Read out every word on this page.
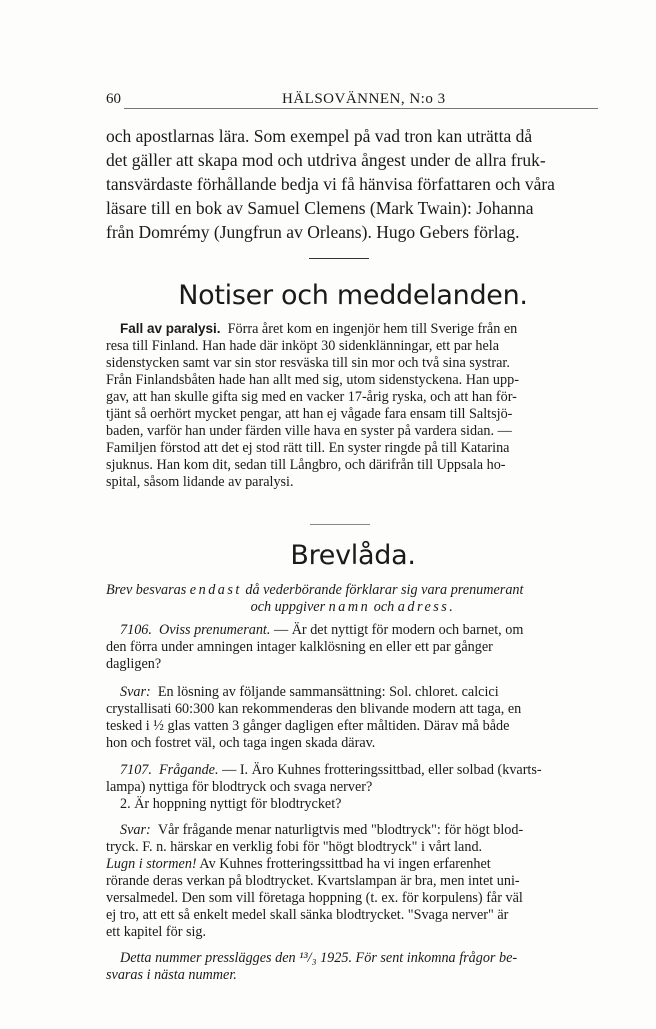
60	HÄLSOVÄNNEN, N:o 3
och apostlarnas lära. Som exempel på vad tron kan uträtta då
det gäller att skapa mod och utdriva ångest under de allra fruk-
tansvärdaste förhållande bedja vi få hänvisa författaren och våra
läsare till en bok av Samuel Clemens (Mark Twain): Johanna
från Domrémy (Jungfrun av Orleans). Hugo Gebers förlag.
Notiser och meddelanden.
Fall av paralysi. Förra året kom en ingenjör hem till Sverige från en
resa till Finland. Han hade där inköpt 30 sidenklänningar, ett par hela
sidenstycken samt var sin stor resväska till sin mor och två sina systrar.
Från Finlandsbåten hade han allt med sig, utom sidenstyckena. Han upp-
gav, att han skulle gifta sig med en vacker 17-årig ryska, och att han för-
tjänt så oerhört mycket pengar, att han ej vågade fara ensam till Saltsjö-
baden, varför han under färden ville hava en syster på vardera sidan. —
Familjen förstod att det ej stod rätt till. En syster ringde på till Katarina
sjuknus. Han kom dit, sedan till Långbro, och därifrån till Uppsala ho-
spital, såsom lidande av paralysi.
Brevlåda.
Brev besvaras endast då vederbörande förklarar sig vara prenumerant
och uppgiver namn och adress.
7106. Oviss prenumerant. — Är det nyttigt för modern och barnet, om
den förra under amningen intager kalklösning en eller ett par gånger
dagligen?
Svar: En lösning av följande sammansättning: Sol. chloret. calcici
crystallisati 60:300 kan rekommenderas den blivande modern att taga, en
tesked i ½ glas vatten 3 gånger dagligen efter måltiden. Därav må både
hon och fostret väl, och taga ingen skada därav.
7107. Frågande. — I. Äro Kuhnes frotteringssittbad, eller solbad (kvarts-
lampa) nyttiga för blodtryck och svaga nerver?
2. Är hoppning nyttigt för blodtrycket?
Svar: Vår frågande menar naturligtvis med "blodtryck": för högt blod-
tryck. F. n. härskar en verklig fobi för "högt blodtryck" i vårt land.
Lugn i stormen! Av Kuhnes frotteringssittbad ha vi ingen erfarenhet
rörande deras verkan på blodtrycket. Kvartslampan är bra, men intet uni-
versalmedel. Den som vill företaga hoppning (t. ex. för korpulens) får väl
ej tro, att ett så enkelt medel skall sänka blodtrycket. "Svaga nerver" är
ett kapitel för sig.
Detta nummer presslägges den ¹³/₃ 1925. För sent inkomna frågor be-
svaras i nästa nummer.
